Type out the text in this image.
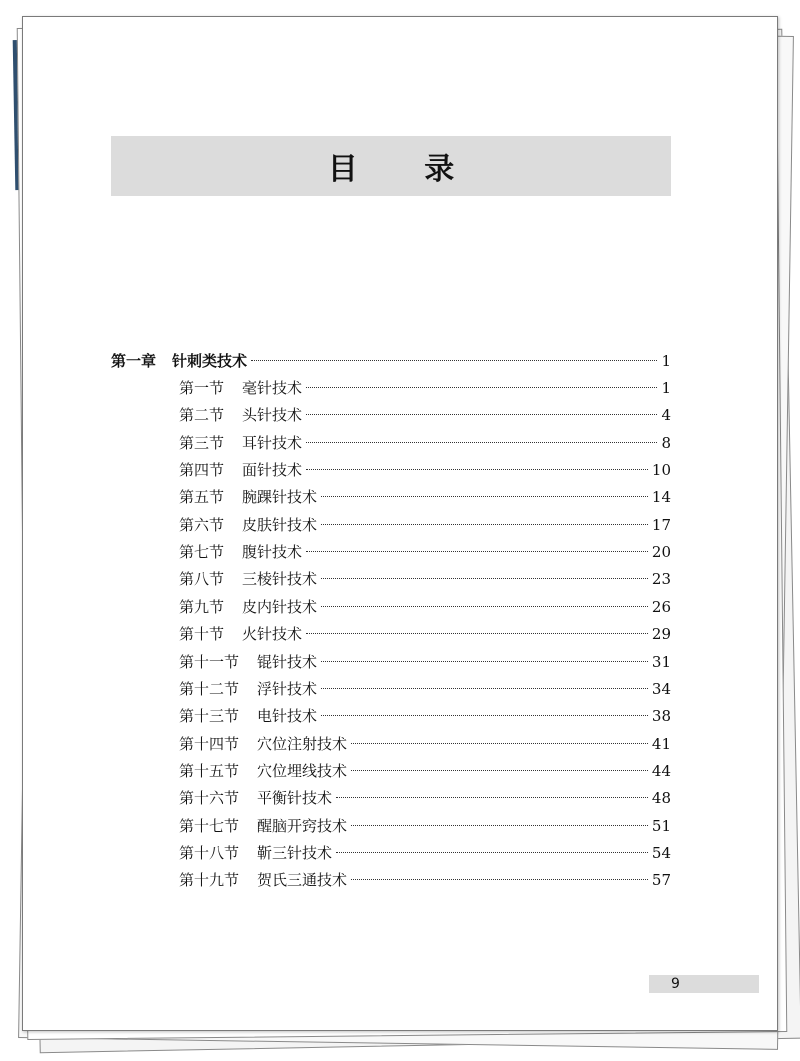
目 录
第一章 针刺类技术	1
第一节 毫针技术	1
第二节 头针技术	4
第三节 耳针技术	8
第四节 面针技术	10
第五节 腕踝针技术	14
第六节 皮肤针技术	17
第七节 腹针技术	20
第八节 三棱针技术	23
第九节 皮内针技术	26
第十节 火针技术	29
第十一节 锟针技术	31
第十二节 浮针技术	34
第十三节 电针技术	38
第十四节 穴位注射技术	41
第十五节 穴位埋线技术	44
第十六节 平衡针技术	48
第十七节 醒脑开窍技术	51
第十八节 靳三针技术	54
第十九节 贺氏三通技术	57
9
